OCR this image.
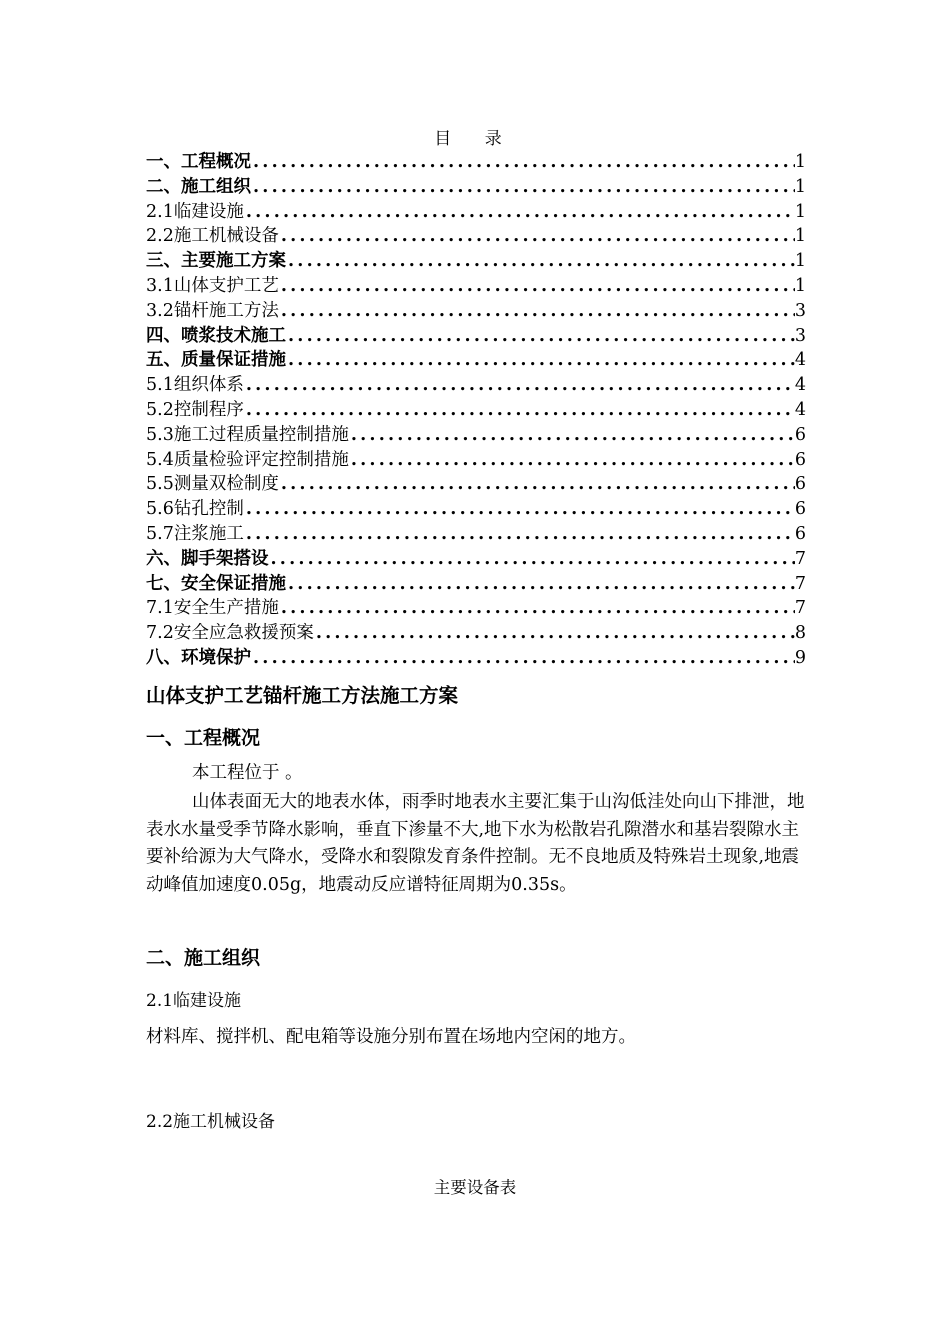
目 录
一、工程概况 .....	1
二、施工组织 .....	1
2.1临建设施 .....	1
2.2施工机械设备 .....	1
三、主要施工方案 .....	1
3.1山体支护工艺 .....	1
3.2锚杆施工方法 .....	3
四、喷浆技术施工 .....	3
五、质量保证措施 .....	4
5.1组织体系 .....	4
5.2控制程序 .....	4
5.3施工过程质量控制措施 .....	6
5.4质量检验评定控制措施 .....	6
5.5测量双检制度 .....	6
5.6钻孔控制 .....	6
5.7注浆施工 .....	6
六、脚手架搭设 .....	7
七、安全保证措施 .....	7
7.1安全生产措施 .....	7
7.2安全应急救援预案 .....	8
八、环境保护 .....	9
山体支护工艺锚杆施工方法施工方案
一、工程概况
本工程位于 。
山体表面无大的地表水体，雨季时地表水主要汇集于山沟低洼处向山下排泄，地表水水量受季节降水影响，垂直下渗量不大,地下水为松散岩孔隙潜水和基岩裂隙水主要补给源为大气降水，受降水和裂隙发育条件控制。无不良地质及特殊岩土现象,地震动峰值加速度0.05g，地震动反应谱特征周期为0.35s。
二、施工组织
2.1临建设施
材料库、搅拌机、配电箱等设施分别布置在场地内空闲的地方。
2.2施工机械设备
主要设备表
